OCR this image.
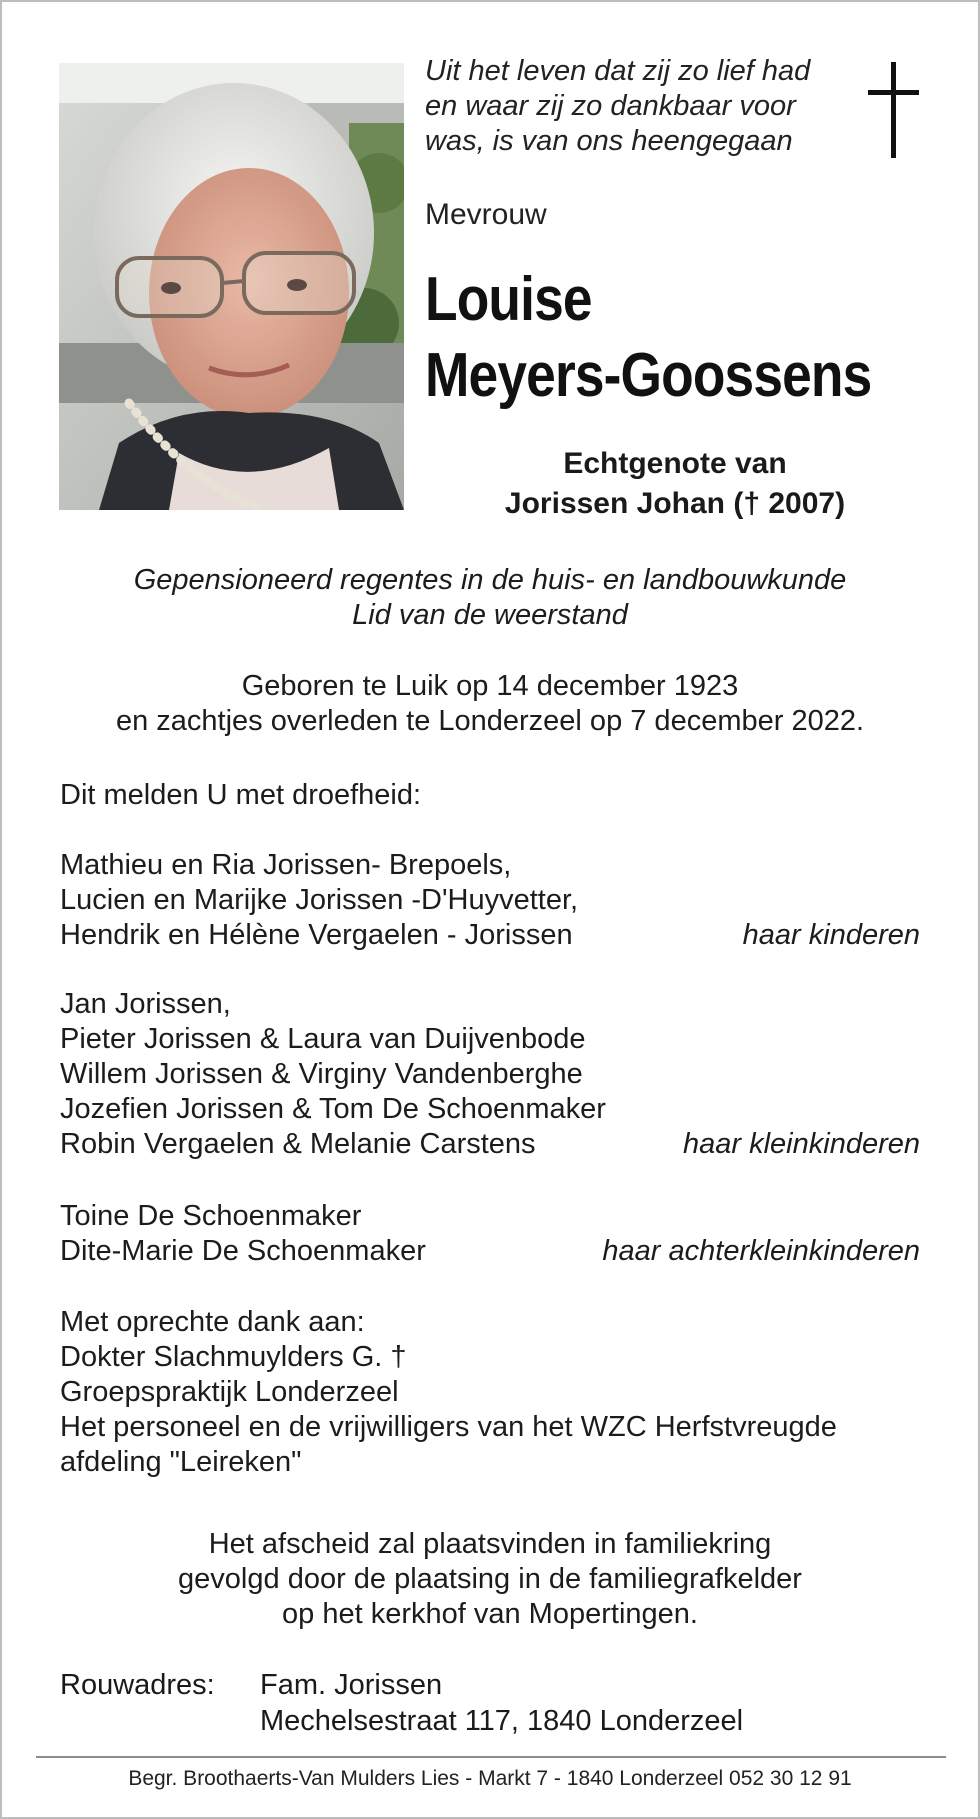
Uit het leven dat zij zo lief had
en waar zij zo dankbaar voor
was, is van ons heengegaan
Mevrouw
Louise
Meyers-Goossens
Echtgenote van
Jorissen Johan († 2007)
Gepensioneerd regentes in de huis- en landbouwkunde
Lid van de weerstand
Geboren te Luik op 14 december 1923
en zachtjes overleden te Londerzeel op 7 december 2022.
Dit melden U met droefheid:
Mathieu en Ria Jorissen- Brepoels,
Lucien en Marijke Jorissen -D'Huyvetter,
Hendrik en Hélène Vergaelen - Jorissen	haar kinderen
Jan Jorissen,
Pieter Jorissen & Laura van Duijvenbode
Willem Jorissen & Virginy Vandenberghe
Jozefien Jorissen & Tom De Schoenmaker
Robin Vergaelen & Melanie Carstens	haar kleinkinderen
Toine De Schoenmaker
Dite-Marie De Schoenmaker	haar achterkleinkinderen
Met oprechte dank aan:
Dokter Slachmuylders G. †
Groepspraktijk Londerzeel
Het personeel en de vrijwilligers van het WZC Herfstvreugde
afdeling "Leireken"
Het afscheid zal plaatsvinden in familiekring
gevolgd door de plaatsing in de familiegrafkelder
op het kerkhof van Mopertingen.
Rouwadres: Fam. Jorissen
Mechelsestraat 117, 1840 Londerzeel
Begr. Broothaerts-Van Mulders Lies - Markt 7 - 1840 Londerzeel 052 30 12 91
